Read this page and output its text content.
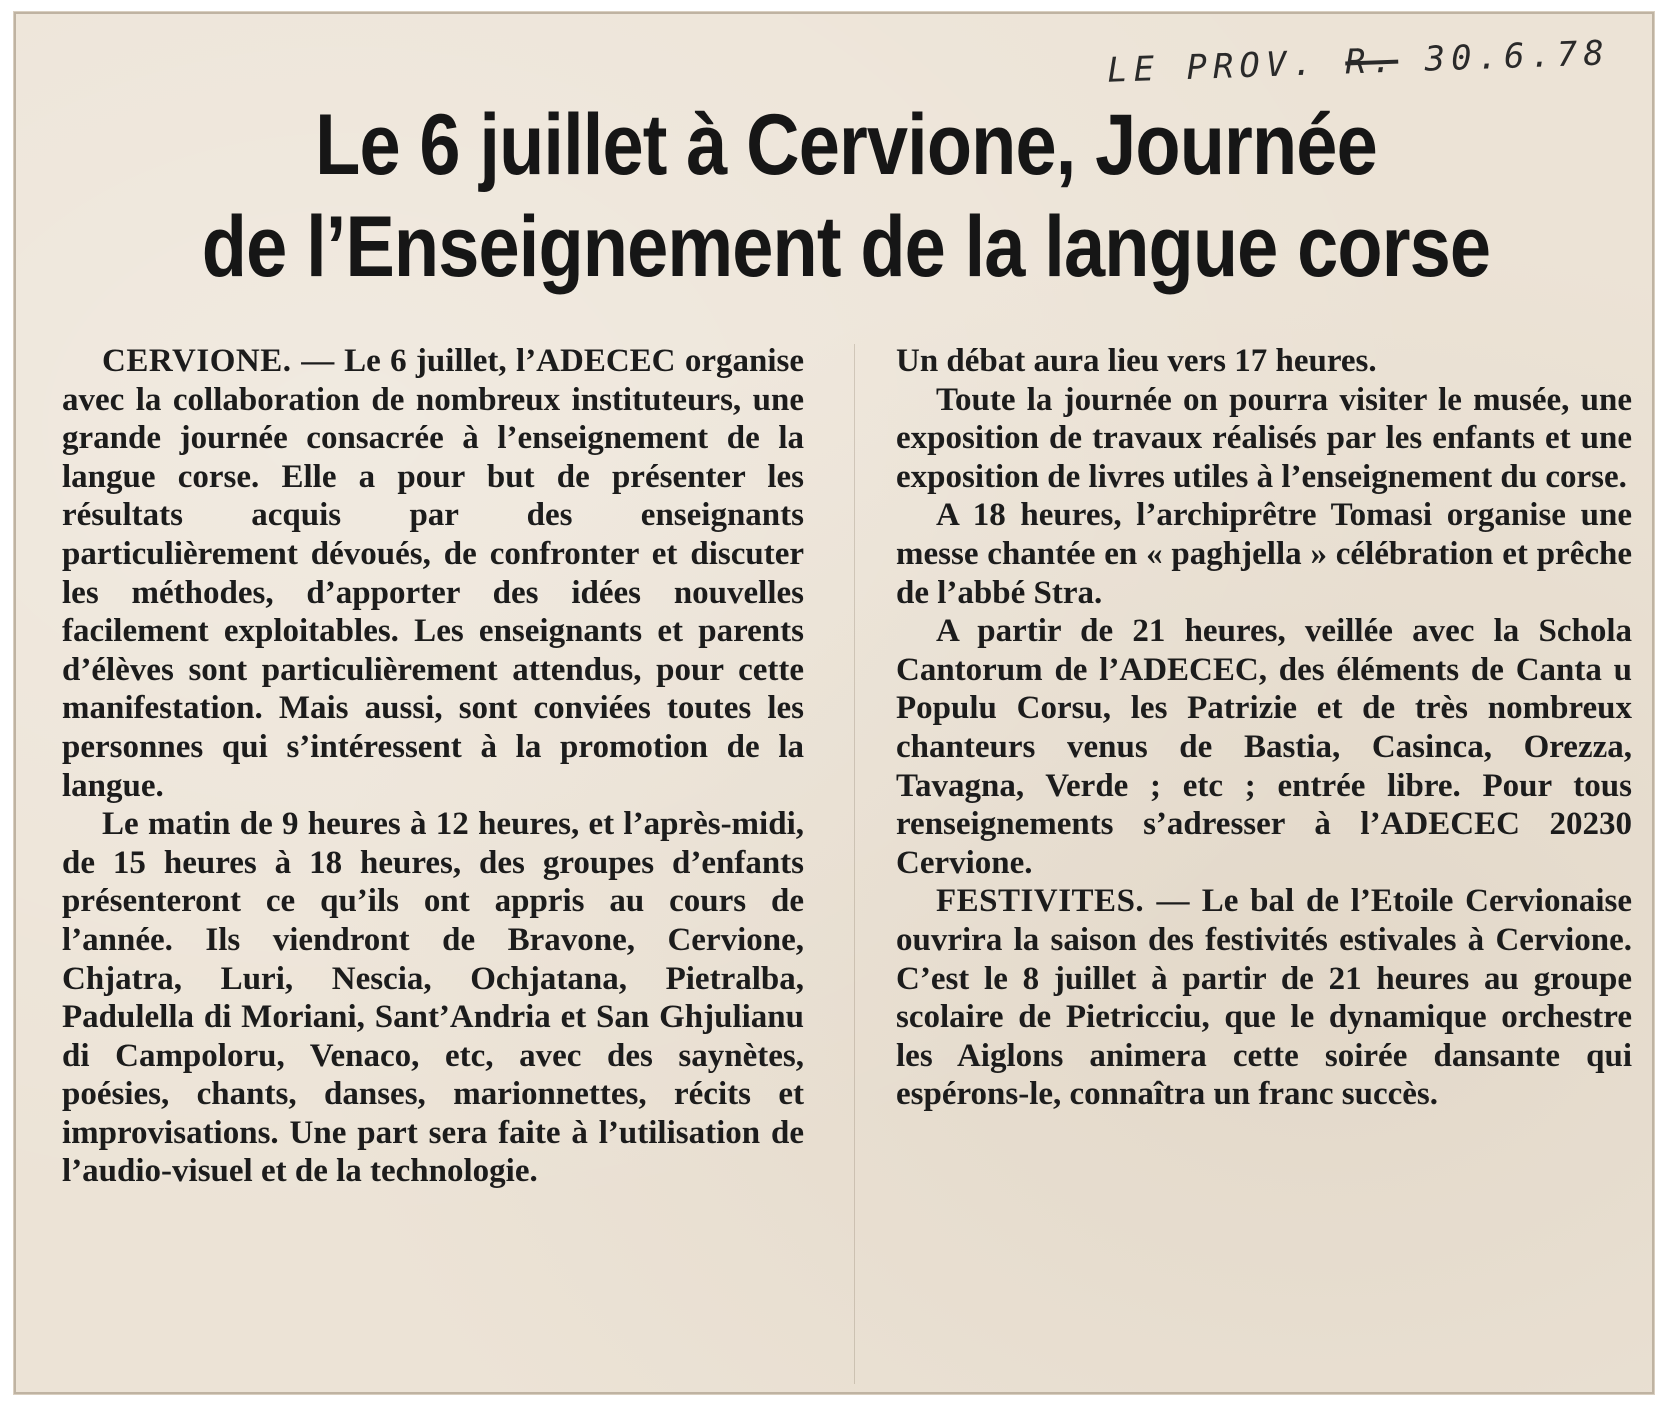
LE PROV. R. 30.6.78
Le 6 juillet à Cervione, Journée
de l’Enseignement de la langue corse

CERVIONE. — Le 6 juillet, l’ADECEC organise avec la collaboration de nombreux instituteurs, une grande journée consacrée à l’enseignement de la langue corse. Elle a pour but de présenter les résultats acquis par des enseignants particulièrement dévoués, de confronter et discuter les méthodes, d’apporter des idées nouvelles facilement exploitables. Les enseignants et parents d’élèves sont particulièrement attendus, pour cette manifestation. Mais aussi, sont conviées toutes les personnes qui s’intéressent à la promotion de la langue.

Le matin de 9 heures à 12 heures, et l’après-midi, de 15 heures à 18 heures, des groupes d’enfants présenteront ce qu’ils ont appris au cours de l’année. Ils viendront de Bravone, Cervione, Chjatra, Luri, Nescia, Ochjatana, Pietralba, Padulella di Moriani, Sant’Andria et San Ghjulianu di Campoloru, Venaco, etc, avec des saynètes, poésies, chants, danses, marionnettes, récits et improvisations. Une part sera faite à l’utilisation de l’audio-visuel et de la technologie.

Un débat aura lieu vers 17 heures.

Toute la journée on pourra visiter le musée, une exposition de travaux réalisés par les enfants et une exposition de livres utiles à l’enseignement du corse.

A 18 heures, l’archiprêtre Tomasi organise une messe chantée en « paghjella » célébration et prêche de l’abbé Stra.

A partir de 21 heures, veillée avec la Schola Cantorum de l’ADECEC, des éléments de Canta u Populu Corsu, les Patrizie et de très nombreux chanteurs venus de Bastia, Casinca, Orezza, Tavagna, Verde ; etc ; entrée libre. Pour tous renseignements s’adresser à l’ADECEC 20230 Cervione.

FESTIVITES. — Le bal de l’Etoile Cervionaise ouvrira la saison des festivités estivales à Cervione. C’est le 8 juillet à partir de 21 heures au groupe scolaire de Pietricciu, que le dynamique orchestre les Aiglons animera cette soirée dansante qui espérons-le, connaîtra un franc succès.
